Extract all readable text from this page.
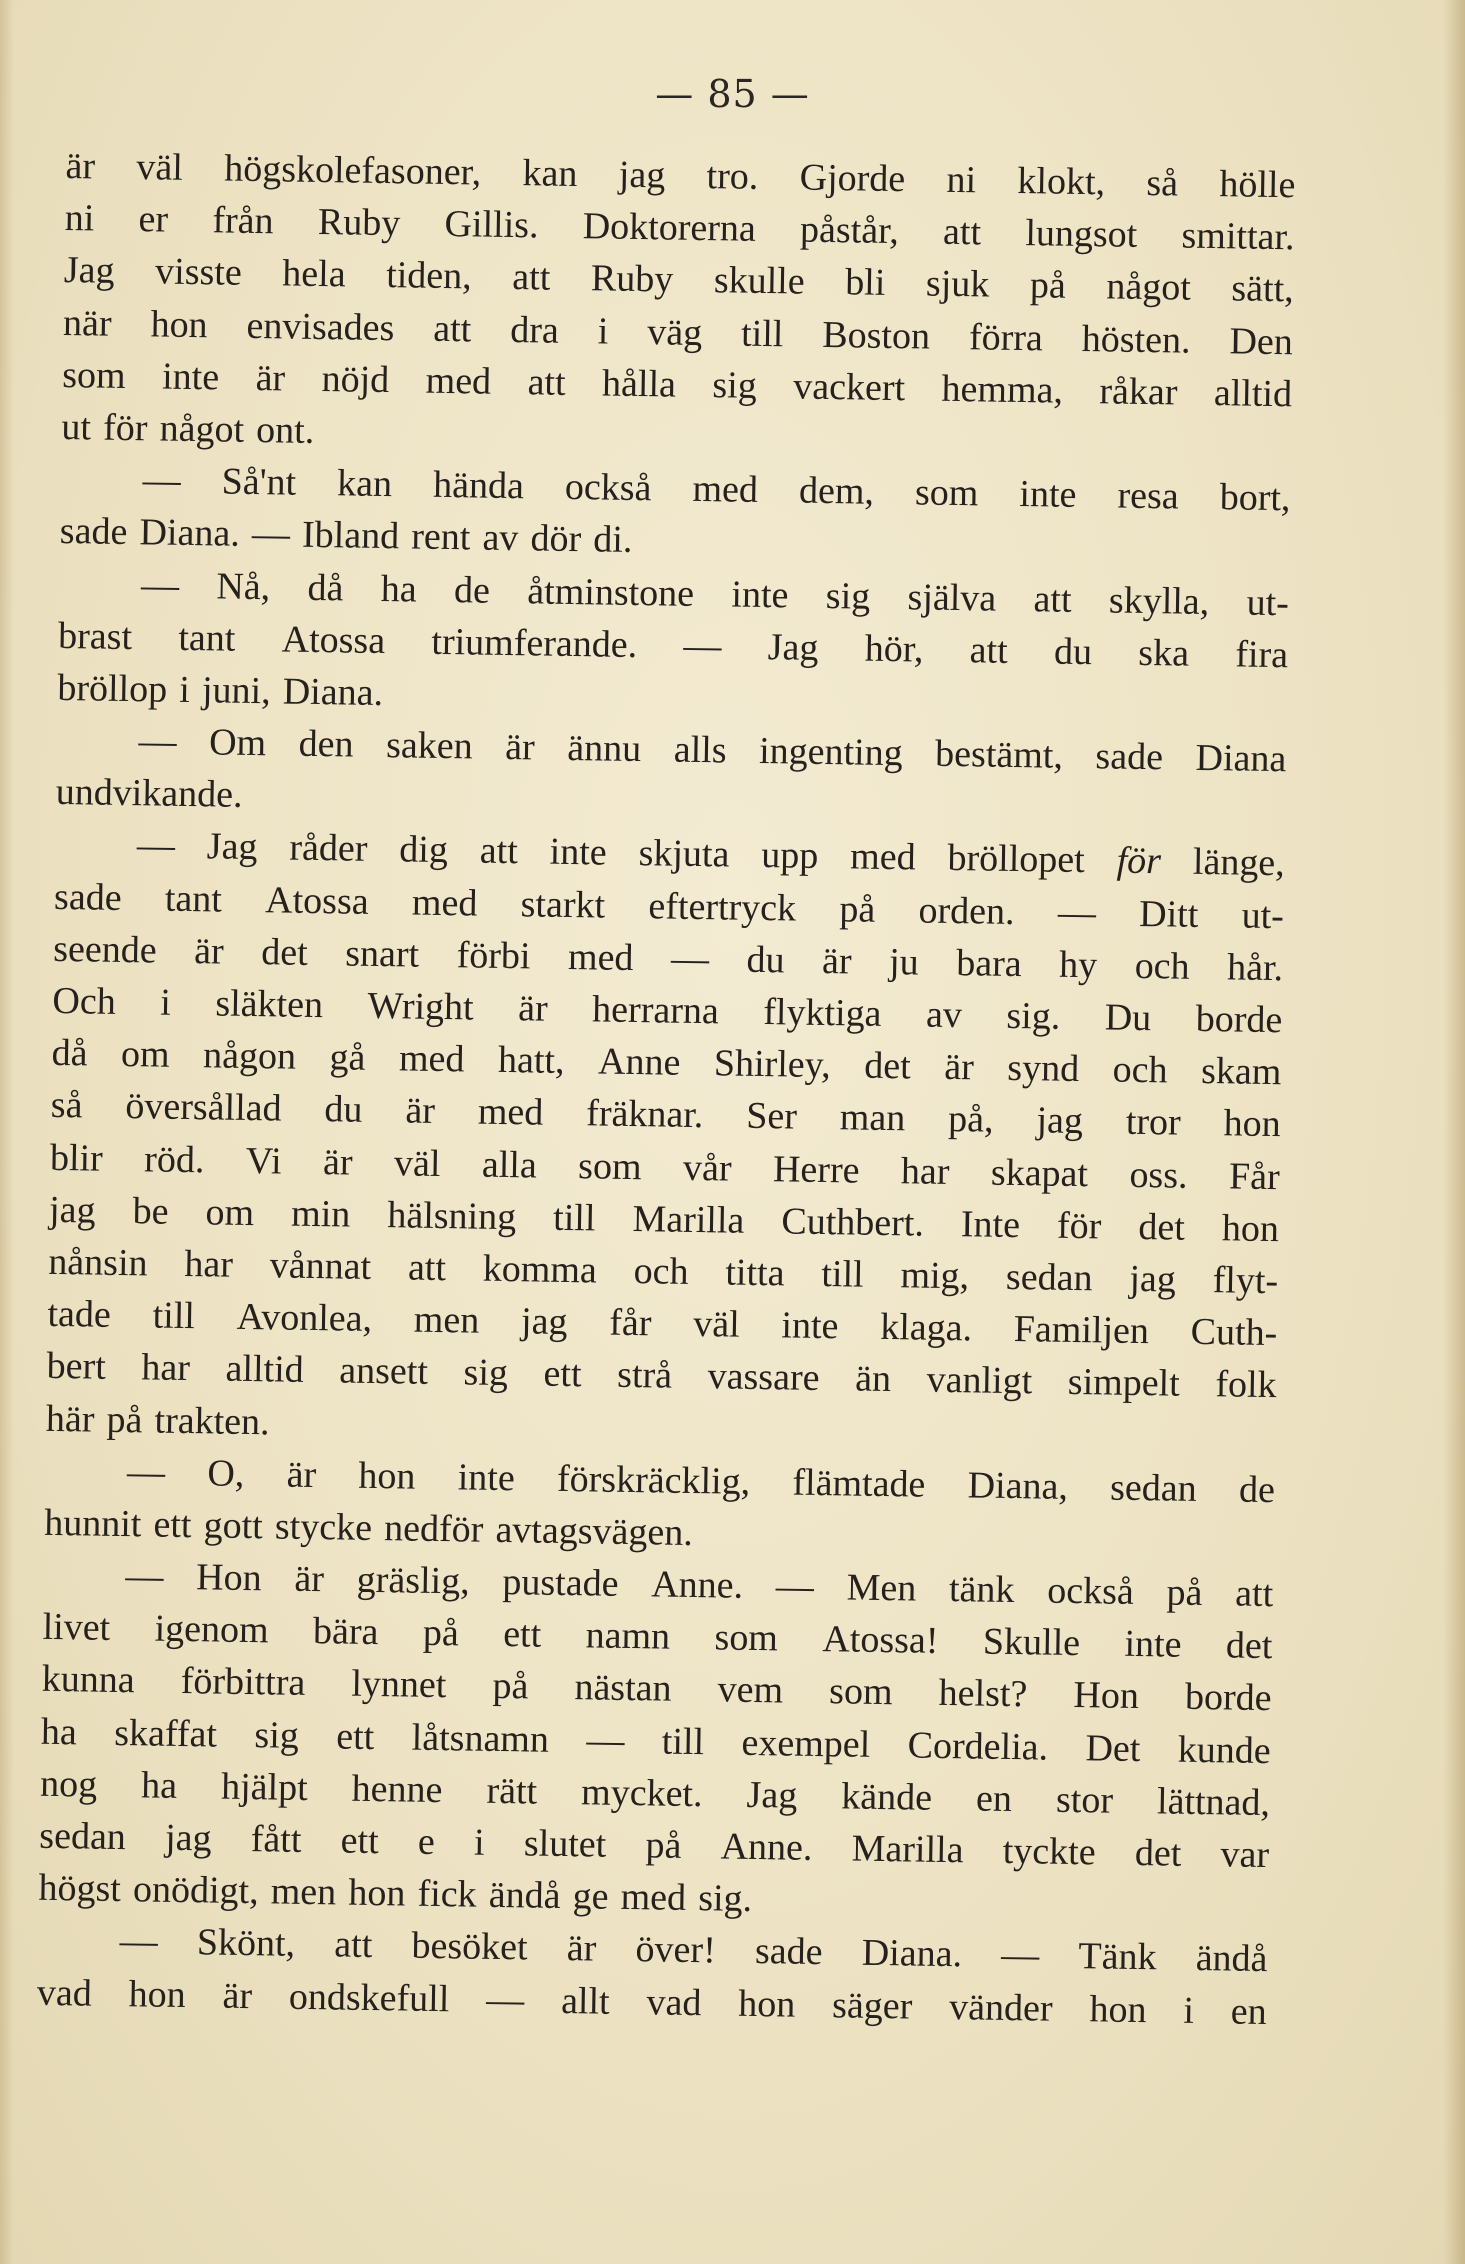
— 85 —
är väl högskolefasoner, kan jag tro. Gjorde ni klokt, så hölle
ni er från Ruby Gillis. Doktorerna påstår, att lungsot smittar.
Jag visste hela tiden, att Ruby skulle bli sjuk på något sätt,
när hon envisades att dra i väg till Boston förra hösten. Den
som inte är nöjd med att hålla sig vackert hemma, råkar alltid
ut för något ont.
— Så'nt kan hända också med dem, som inte resa bort,
sade Diana. — Ibland rent av dör di.
— Nå, då ha de åtminstone inte sig själva att skylla, ut-
brast tant Atossa triumferande. — Jag hör, att du ska fira
bröllop i juni, Diana.
— Om den saken är ännu alls ingenting bestämt, sade Diana
undvikande.
— Jag råder dig att inte skjuta upp med bröllopet för länge,
sade tant Atossa med starkt eftertryck på orden. — Ditt ut-
seende är det snart förbi med — du är ju bara hy och hår.
Och i släkten Wright är herrarna flyktiga av sig. Du borde
då om någon gå med hatt, Anne Shirley, det är synd och skam
så översållad du är med fräknar. Ser man på, jag tror hon
blir röd. Vi är väl alla som vår Herre har skapat oss. Får
jag be om min hälsning till Marilla Cuthbert. Inte för det hon
nånsin har vånnat att komma och titta till mig, sedan jag flyt-
tade till Avonlea, men jag får väl inte klaga. Familjen Cuth-
bert har alltid ansett sig ett strå vassare än vanligt simpelt folk
här på trakten.
— O, är hon inte förskräcklig, flämtade Diana, sedan de
hunnit ett gott stycke nedför avtagsvägen.
— Hon är gräslig, pustade Anne. — Men tänk också på att
livet igenom bära på ett namn som Atossa! Skulle inte det
kunna förbittra lynnet på nästan vem som helst? Hon borde
ha skaffat sig ett låtsnamn — till exempel Cordelia. Det kunde
nog ha hjälpt henne rätt mycket. Jag kände en stor lättnad,
sedan jag fått ett e i slutet på Anne. Marilla tyckte det var
högst onödigt, men hon fick ändå ge med sig.
— Skönt, att besöket är över! sade Diana. — Tänk ändå
vad hon är ondskefull — allt vad hon säger vänder hon i en
